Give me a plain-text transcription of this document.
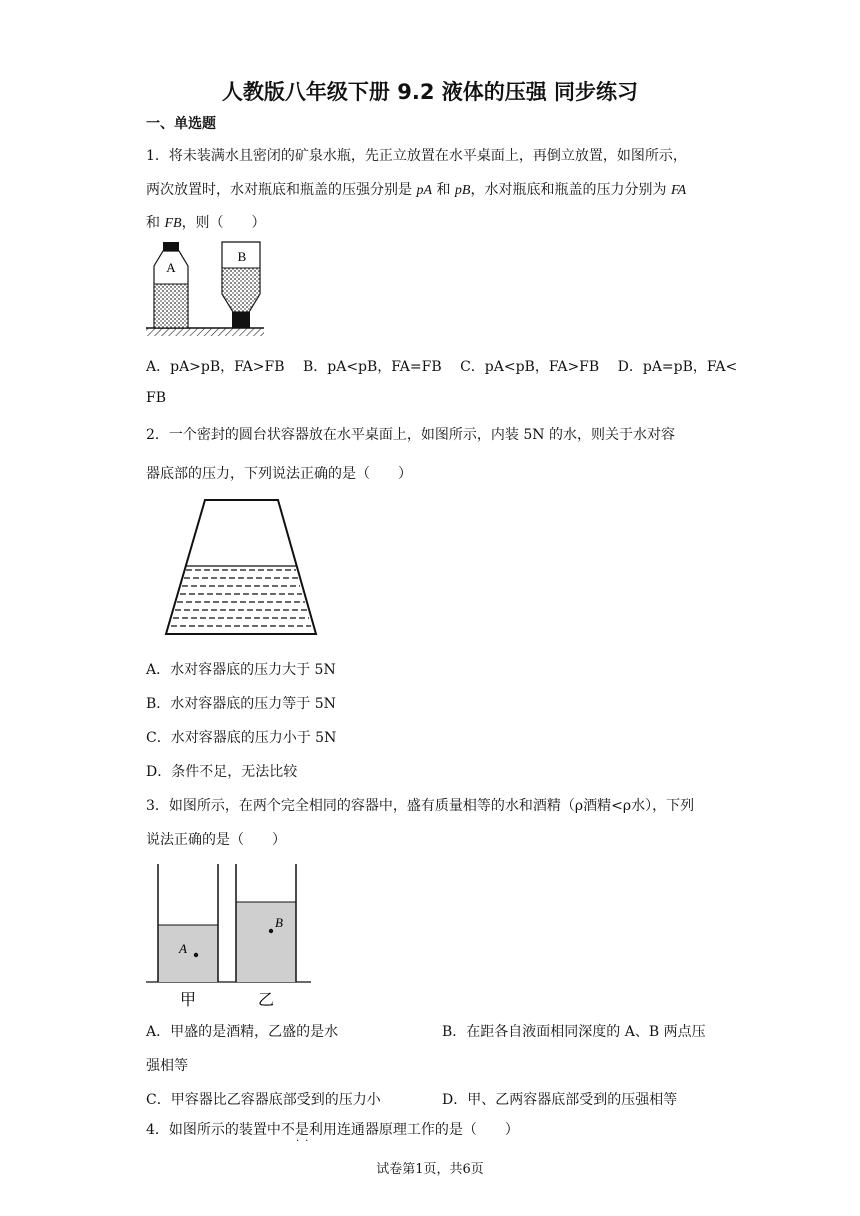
人教版八年级下册 9.2 液体的压强 同步练习
一、单选题
1．将未装满水且密闭的矿泉水瓶，先正立放置在水平桌面上，再倒立放置，如图所示，
两次放置时，水对瓶底和瓶盖的压强分别是 pA 和 pB，水对瓶底和瓶盖的压力分别为 FA
和 FB，则（　　）
A
B
A．pA>pB，FA>FB　 B．pA<pB，FA=FB　 C．pA<pB，FA>FB　 D．pA=pB，FA<
FB
2．一个密封的圆台状容器放在水平桌面上，如图所示，内装 5N 的水，则关于水对容
器底部的压力，下列说法正确的是（　　）
A．水对容器底的压力大于 5N
B．水对容器底的压力等于 5N
C．水对容器底的压力小于 5N
D．条件不足，无法比较
3．如图所示，在两个完全相同的容器中，盛有质量相等的水和酒精（ρ酒精<ρ水），下列
说法正确的是（　　）
A
B
甲	乙
A．甲盛的是酒精，乙盛的是水	B．在距各自液面相同深度的 A、B 两点压
强相等
C．甲容器比乙容器底部受到的压力小	D．甲、乙两容器底部受到的压强相等
4．如图所示的装置中不是利用连通器原理工作的是（　　）
·​·
试卷第1页，共6页
